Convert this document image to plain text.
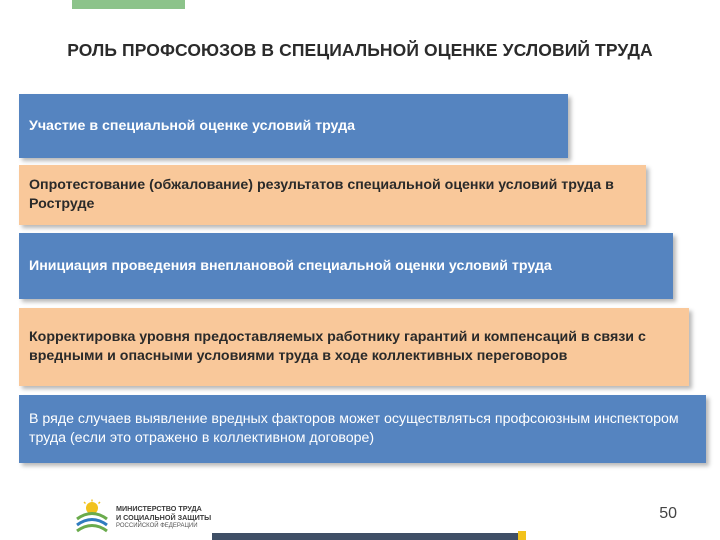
РОЛЬ ПРОФСОЮЗОВ В СПЕЦИАЛЬНОЙ ОЦЕНКЕ УСЛОВИЙ ТРУДА
Участие в специальной оценке условий труда
Опротестование (обжалование) результатов специальной оценки условий труда в Роструде
Инициация проведения внеплановой специальной оценки условий труда
Корректировка уровня предоставляемых работнику гарантий и компенсаций в связи с вредными и опасными условиями труда в ходе коллективных переговоров
В ряде случаев выявление вредных факторов может осуществляться профсоюзным инспектором труда (если это отражено в коллективном договоре)
МИНИСТЕРСТВО ТРУДА
И СОЦИАЛЬНОЙ ЗАЩИТЫ
РОССИЙСКОЙ ФЕДЕРАЦИИ
50
